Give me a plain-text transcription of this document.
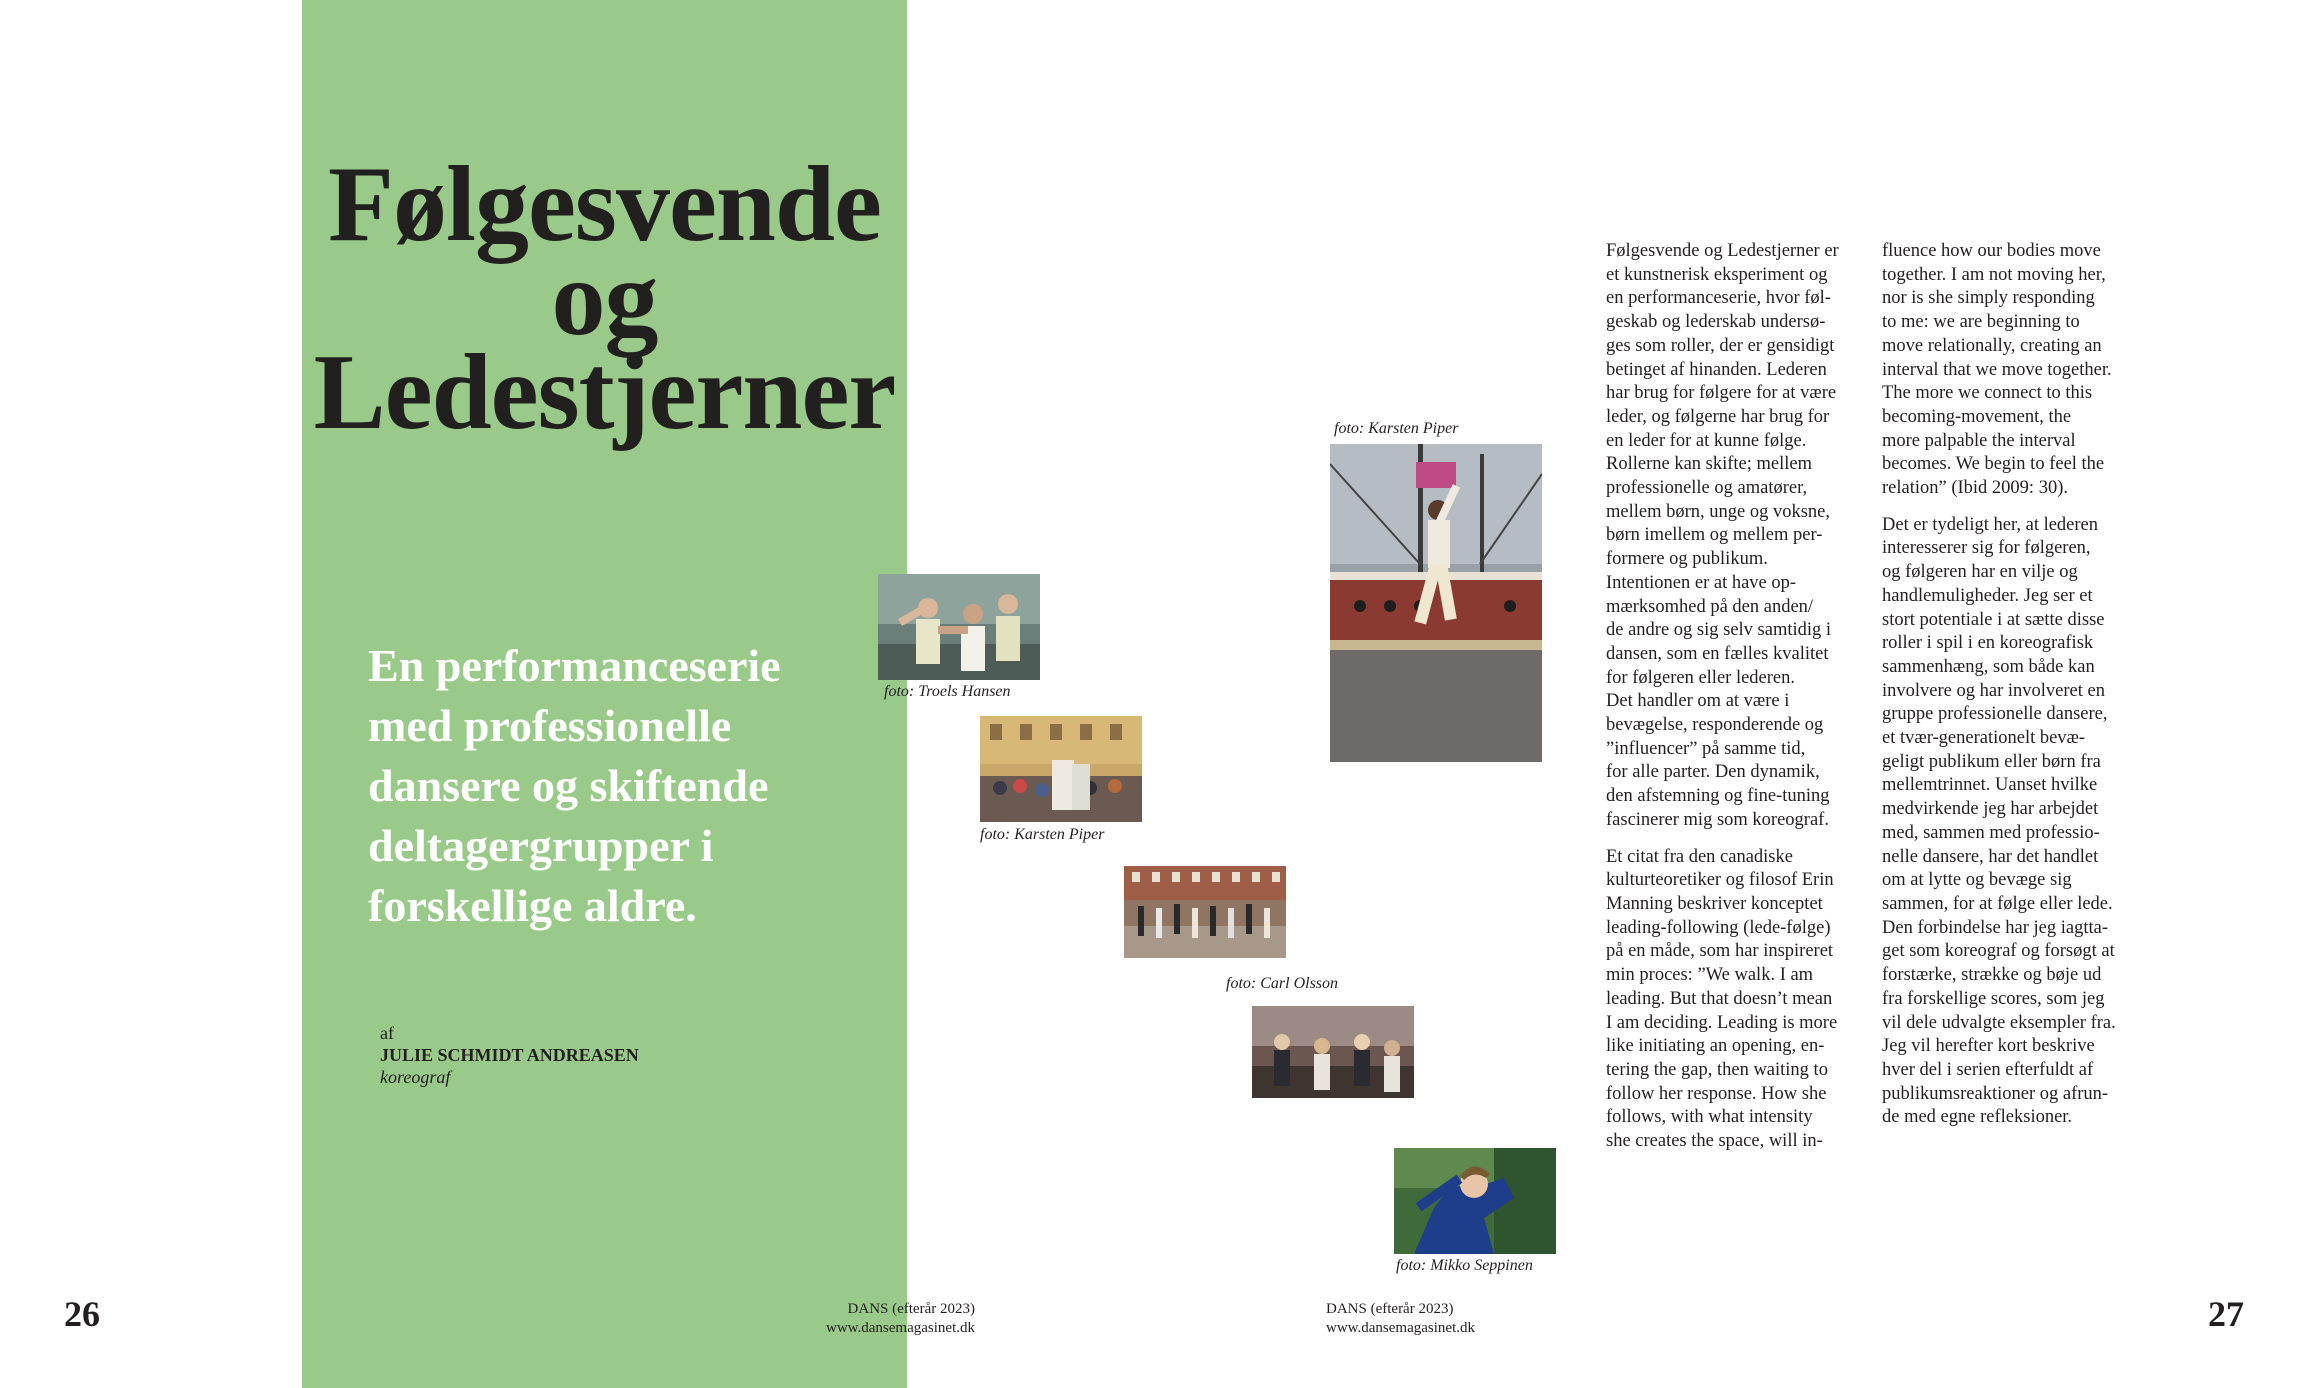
Følgesvende
og
Ledestjerner
En performanceserie
med professionelle
dansere og skiftende
deltagergrupper i
forskellige aldre.
af
JULIE SCHMIDT ANDREASEN
koreograf
26	DANS (efterår 2023)
www.dansemagasinet.dk
foto: Troels Hansen
foto: Karsten Piper
foto: Carl Olsson
foto: Karsten Piper
foto: Mikko Seppinen
Følgesvende og Ledestjerner er
et kunstnerisk eksperiment og
en performanceserie, hvor føl-
geskab og lederskab undersø-
ges som roller, der er gensidigt
betinget af hinanden. Lederen
har brug for følgere for at være
leder, og følgerne har brug for
en leder for at kunne følge.
Rollerne kan skifte; mellem
professionelle og amatører,
mellem børn, unge og voksne,
børn imellem og mellem per-
formere og publikum.
Intentionen er at have op-
mærksomhed på den anden/
de andre og sig selv samtidig i
dansen, som en fælles kvalitet
for følgeren eller lederen.
Det handler om at være i
bevægelse, responderende og
”influencer” på samme tid,
for alle parter. Den dynamik,
den afstemning og fine-tuning
fascinerer mig som koreograf.
Et citat fra den canadiske
kulturteoretiker og filosof Erin
Manning beskriver konceptet
leading-following (lede-følge)
på en måde, som har inspireret
min proces: ”We walk. I am
leading. But that doesn’t mean
I am deciding. Leading is more
like initiating an opening, en-
tering the gap, then waiting to
follow her response. How she
follows, with what intensity
she creates the space, will in-
fluence how our bodies move
together. I am not moving her,
nor is she simply responding
to me: we are beginning to
move relationally, creating an
interval that we move together.
The more we connect to this
becoming-movement, the
more palpable the interval
becomes. We begin to feel the
relation” (Ibid 2009: 30).
Det er tydeligt her, at lederen
interesserer sig for følgeren,
og følgeren har en vilje og
handlemuligheder. Jeg ser et
stort potentiale i at sætte disse
roller i spil i en koreografisk
sammenhæng, som både kan
involvere og har involveret en
gruppe professionelle dansere,
et tvær-generationelt bevæ-
geligt publikum eller børn fra
mellemtrinnet. Uanset hvilke
medvirkende jeg har arbejdet
med, sammen med professio-
nelle dansere, har det handlet
om at lytte og bevæge sig
sammen, for at følge eller lede.
Den forbindelse har jeg iagtta-
get som koreograf og forsøgt at
forstærke, strække og bøje ud
fra forskellige scores, som jeg
vil dele udvalgte eksempler fra.
Jeg vil herefter kort beskrive
hver del i serien efterfuldt af
publikumsreaktioner og afrun-
de med egne refleksioner.
DANS (efterår 2023)
www.dansemagasinet.dk	27
